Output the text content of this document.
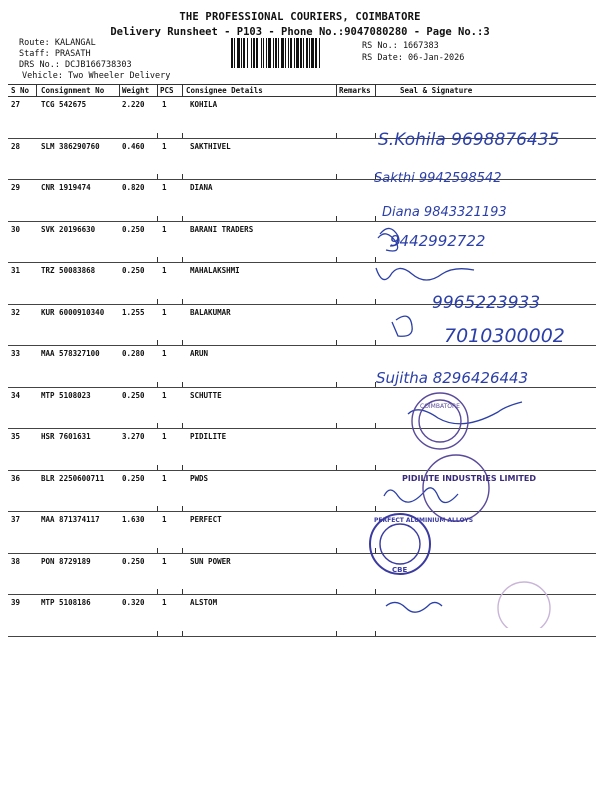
THE PROFESSIONAL COURIERS, COIMBATORE
Delivery Runsheet - P103 - Phone No.:9047080280 - Page No.:3
Route: KALANGAL
Staff: PRASATH
DRS No.: DCJB166738303
Vehicle: Two Wheeler Delivery
RS No.: 1667383
RS Date: 06-Jan-2026
S No Consignment No Weight PCS Consignee Details	Remarks	Seal & Signature
27	TCG 542675	2.220 1	KOHILA
28	SLM 386290760	0.460 1	SAKTHIVEL
29	CNR 1919474	0.820 1	DIANA
30	SVK 20196630	0.250 1	BARANI TRADERS
31	TRZ 50083868	0.250 1	MAHALAKSHMI
32	KUR 6000910340 1.255 1	BALAKUMAR
33	MAA 578327100	0.280 1	ARUN
34	MTP 5108023	0.250 1	SCHUTTE
35	HSR 7601631	3.270 1	PIDILITE
36	BLR 2250600711 0.250 1	PWDS
37	MAA 871374117	1.630 1	PERFECT
38	PON 8729189	0.250 1	SUN POWER
39	MTP 5108186	0.320 1	ALSTOM
S.Kohila 9698876435
Sakthi 9942598542
Diana 9843321193
9442992722
9965223933
7010300002
Sujitha 8296426443
COIMBATORE
PIDILITE INDUSTRIES LIMITED
PERFECT ALUMINIUM ALLOYS
CBE
